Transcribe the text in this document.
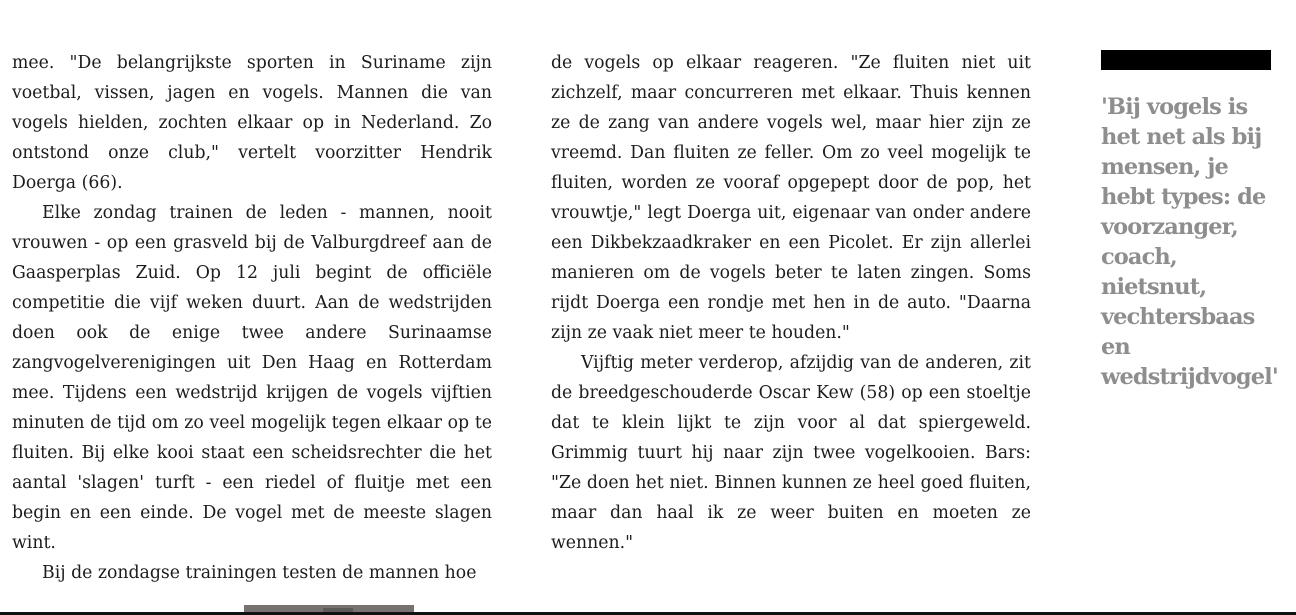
mee. "De belangrijkste sporten in Suriname zijn voetbal, vissen, jagen en vogels. Mannen die van vogels hielden, zochten elkaar op in Nederland. Zo ontstond onze club," vertelt voorzitter Hendrik Doerga (66).

Elke zondag trainen de leden - mannen, nooit vrouwen - op een grasveld bij de Valburgdreef aan de Gaasperplas Zuid. Op 12 juli begint de officiële competitie die vijf weken duurt. Aan de wedstrijden doen ook de enige twee andere Surinaamse zangvogelverenigingen uit Den Haag en Rotterdam mee. Tijdens een wedstrijd krijgen de vogels vijftien minuten de tijd om zo veel mogelijk tegen elkaar op te fluiten. Bij elke kooi staat een scheidsrechter die het aantal 'slagen' turft - een riedel of fluitje met een begin en een einde. De vogel met de meeste slagen wint.

Bij de zondagse trainingen testen de mannen hoe

de vogels op elkaar reageren. "Ze fluiten niet uit zichzelf, maar concurreren met elkaar. Thuis kennen ze de zang van andere vogels wel, maar hier zijn ze vreemd. Dan fluiten ze feller. Om zo veel mogelijk te fluiten, worden ze vooraf opgepept door de pop, het vrouwtje," legt Doerga uit, eigenaar van onder andere een Dikbekzaadkraker en een Picolet. Er zijn allerlei manieren om de vogels beter te laten zingen. Soms rijdt Doerga een rondje met hen in de auto. "Daarna zijn ze vaak niet meer te houden."

Vijftig meter verderop, afzijdig van de anderen, zit de breedgeschouderde Oscar Kew (58) op een stoeltje dat te klein lijkt te zijn voor al dat spiergeweld. Grimmig tuurt hij naar zijn twee vogelkooien. Bars: "Ze doen het niet. Binnen kunnen ze heel goed fluiten, maar dan haal ik ze weer buiten en moeten ze wennen."

'Bij vogels is het net als bij mensen, je hebt types: de voorzanger, coach, nietsnut, vechtersbaas en wedstrijdvogel'
